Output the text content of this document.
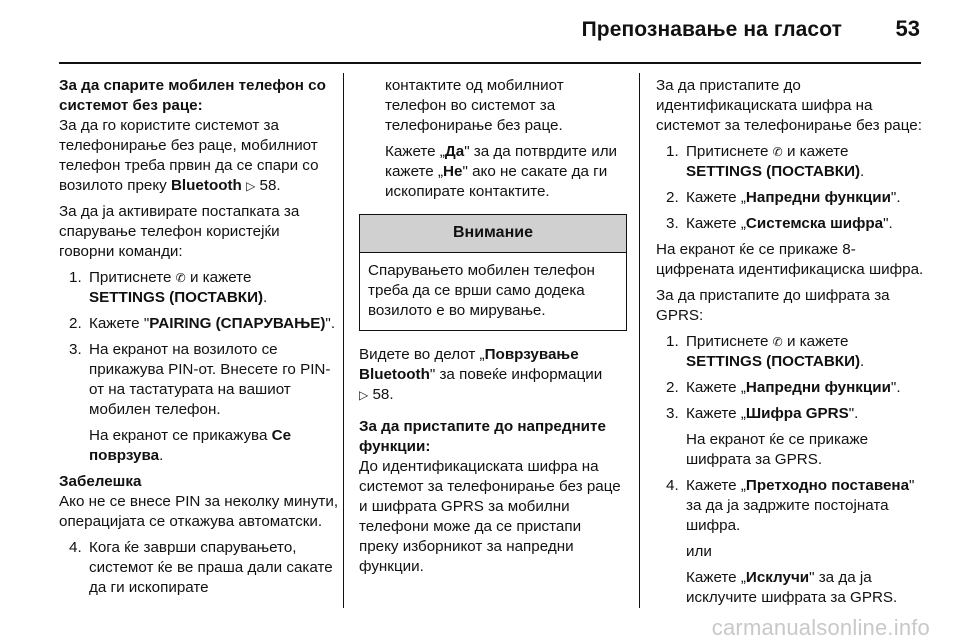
Препознавање на гласот 53

За да спарите мобилен телефон со системот без раце:

За да го користите системот за телефонирање без раце, мобилниот телефон треба првин да се спари со возилото преку Bluetooth ▷ 58.

За да ја активирате постапката за спарување телефон користејќи говорни команди:

1. Притиснете ✆ и кажете
SETTINGS (ПОСТАВКИ).
2. Кажете "PAIRING (СПАРУВАЊЕ)".
3. На екранот на возилото се прикажува PIN-от. Внесете го PIN-от на тастатурата на вашиот мобилен телефон.

На екранот се прикажува Се поврзува.

Забелешка

Ако не се внесе PIN за неколку минути, операцијата се откажува автоматски.

4. Кога ќе заврши спарувањето, системот ќе ве праша дали сакате да ги ископирате

контактите од мобилниот телефон во системот за телефонирање без раце.

Кажете „Да" за да потврдите или кажете „Не" ако не сакате да ги ископирате контактите.

Внимание
Спарувањето мобилен телефон треба да се врши само додека возилото е во мирување.

Видете во делот „Поврзување Bluetooth" за повеќе информации
▷ 58.

За да пристапите до напредните функции:

До идентификациската шифра на системот за телефонирање без раце и шифрата GPRS за мобилни телефони може да се пристапи преку изборникот за напредни функции.

За да пристапите до идентификациската шифра на системот за телефонирање без раце:

1. Притиснете ✆ и кажете
SETTINGS (ПОСТАВКИ).
2. Кажете „Напредни функции".
3. Кажете „Системска шифра".

На екранот ќе се прикаже 8-цифрената идентификациска шифра.

За да пристапите до шифрата за GPRS:

1. Притиснете ✆ и кажете
SETTINGS (ПОСТАВКИ).
2. Кажете „Напредни функции".
3. Кажете „Шифра GPRS".
На екранот ќе се прикаже шифрата за GPRS.
4. Кажете „Претходно поставена" за да ја задржите постојната шифра.
или
Кажете „Исклучи" за да ја исклучите шифрата за GPRS.
carmanualsonline.info
